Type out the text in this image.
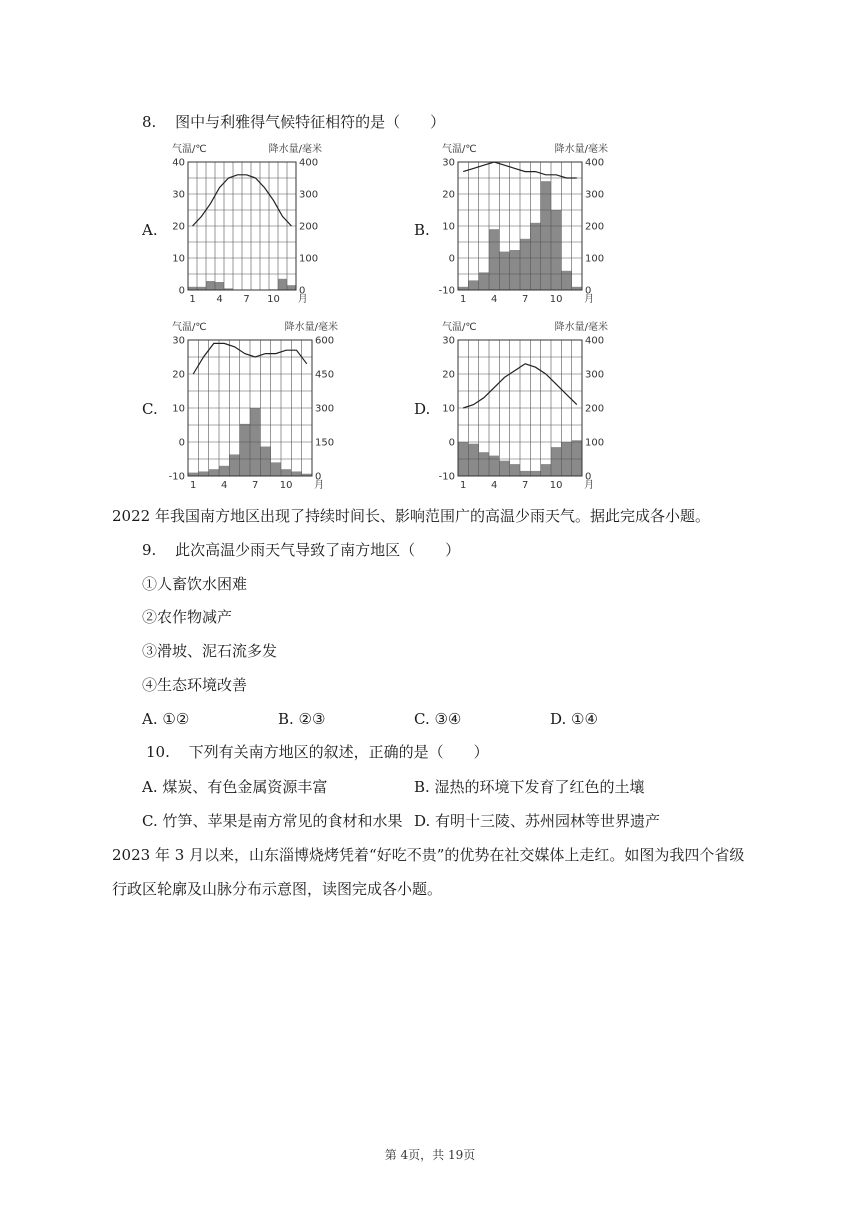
8. 图中与利雅得气候特征相符的是（　　）
A.	B.
C.	D.
气温/℃	降水量/毫米
40
30
20
10
0
400
300
200
100
0
1 4 7 10 月
气温/℃	降水量/毫米
30
20
10
0
-10
400
300
200
100
0
1 4 7 10 月
气温/℃	降水量/毫米
30
20
10
0
-10
600
450
300
150
0
1 4 7 10 月
气温/℃	降水量/毫米
30
20
10
0
-10
400
300
200
100
0
1 4 7 10 月
2022 年我国南方地区出现了持续时间长、影响范围广的高温少雨天气。据此完成各小题。
9. 此次高温少雨天气导致了南方地区（　　）
①人畜饮水困难
②农作物减产
③滑坡、泥石流多发
④生态环境改善
A. ①②	B. ②③	C. ③④	D. ①④
10. 下列有关南方地区的叙述，正确的是（　　）
A. 煤炭、有色金属资源丰富	B. 湿热的环境下发育了红色的土壤
C. 竹笋、苹果是南方常见的食材和水果 D. 有明十三陵、苏州园林等世界遗产
2023 年 3 月以来，山东淄博烧烤凭着“好吃不贵”的优势在社交媒体上走红。如图为我四个省级
行政区轮廓及山脉分布示意图，读图完成各小题。
第 4页，共 19页
